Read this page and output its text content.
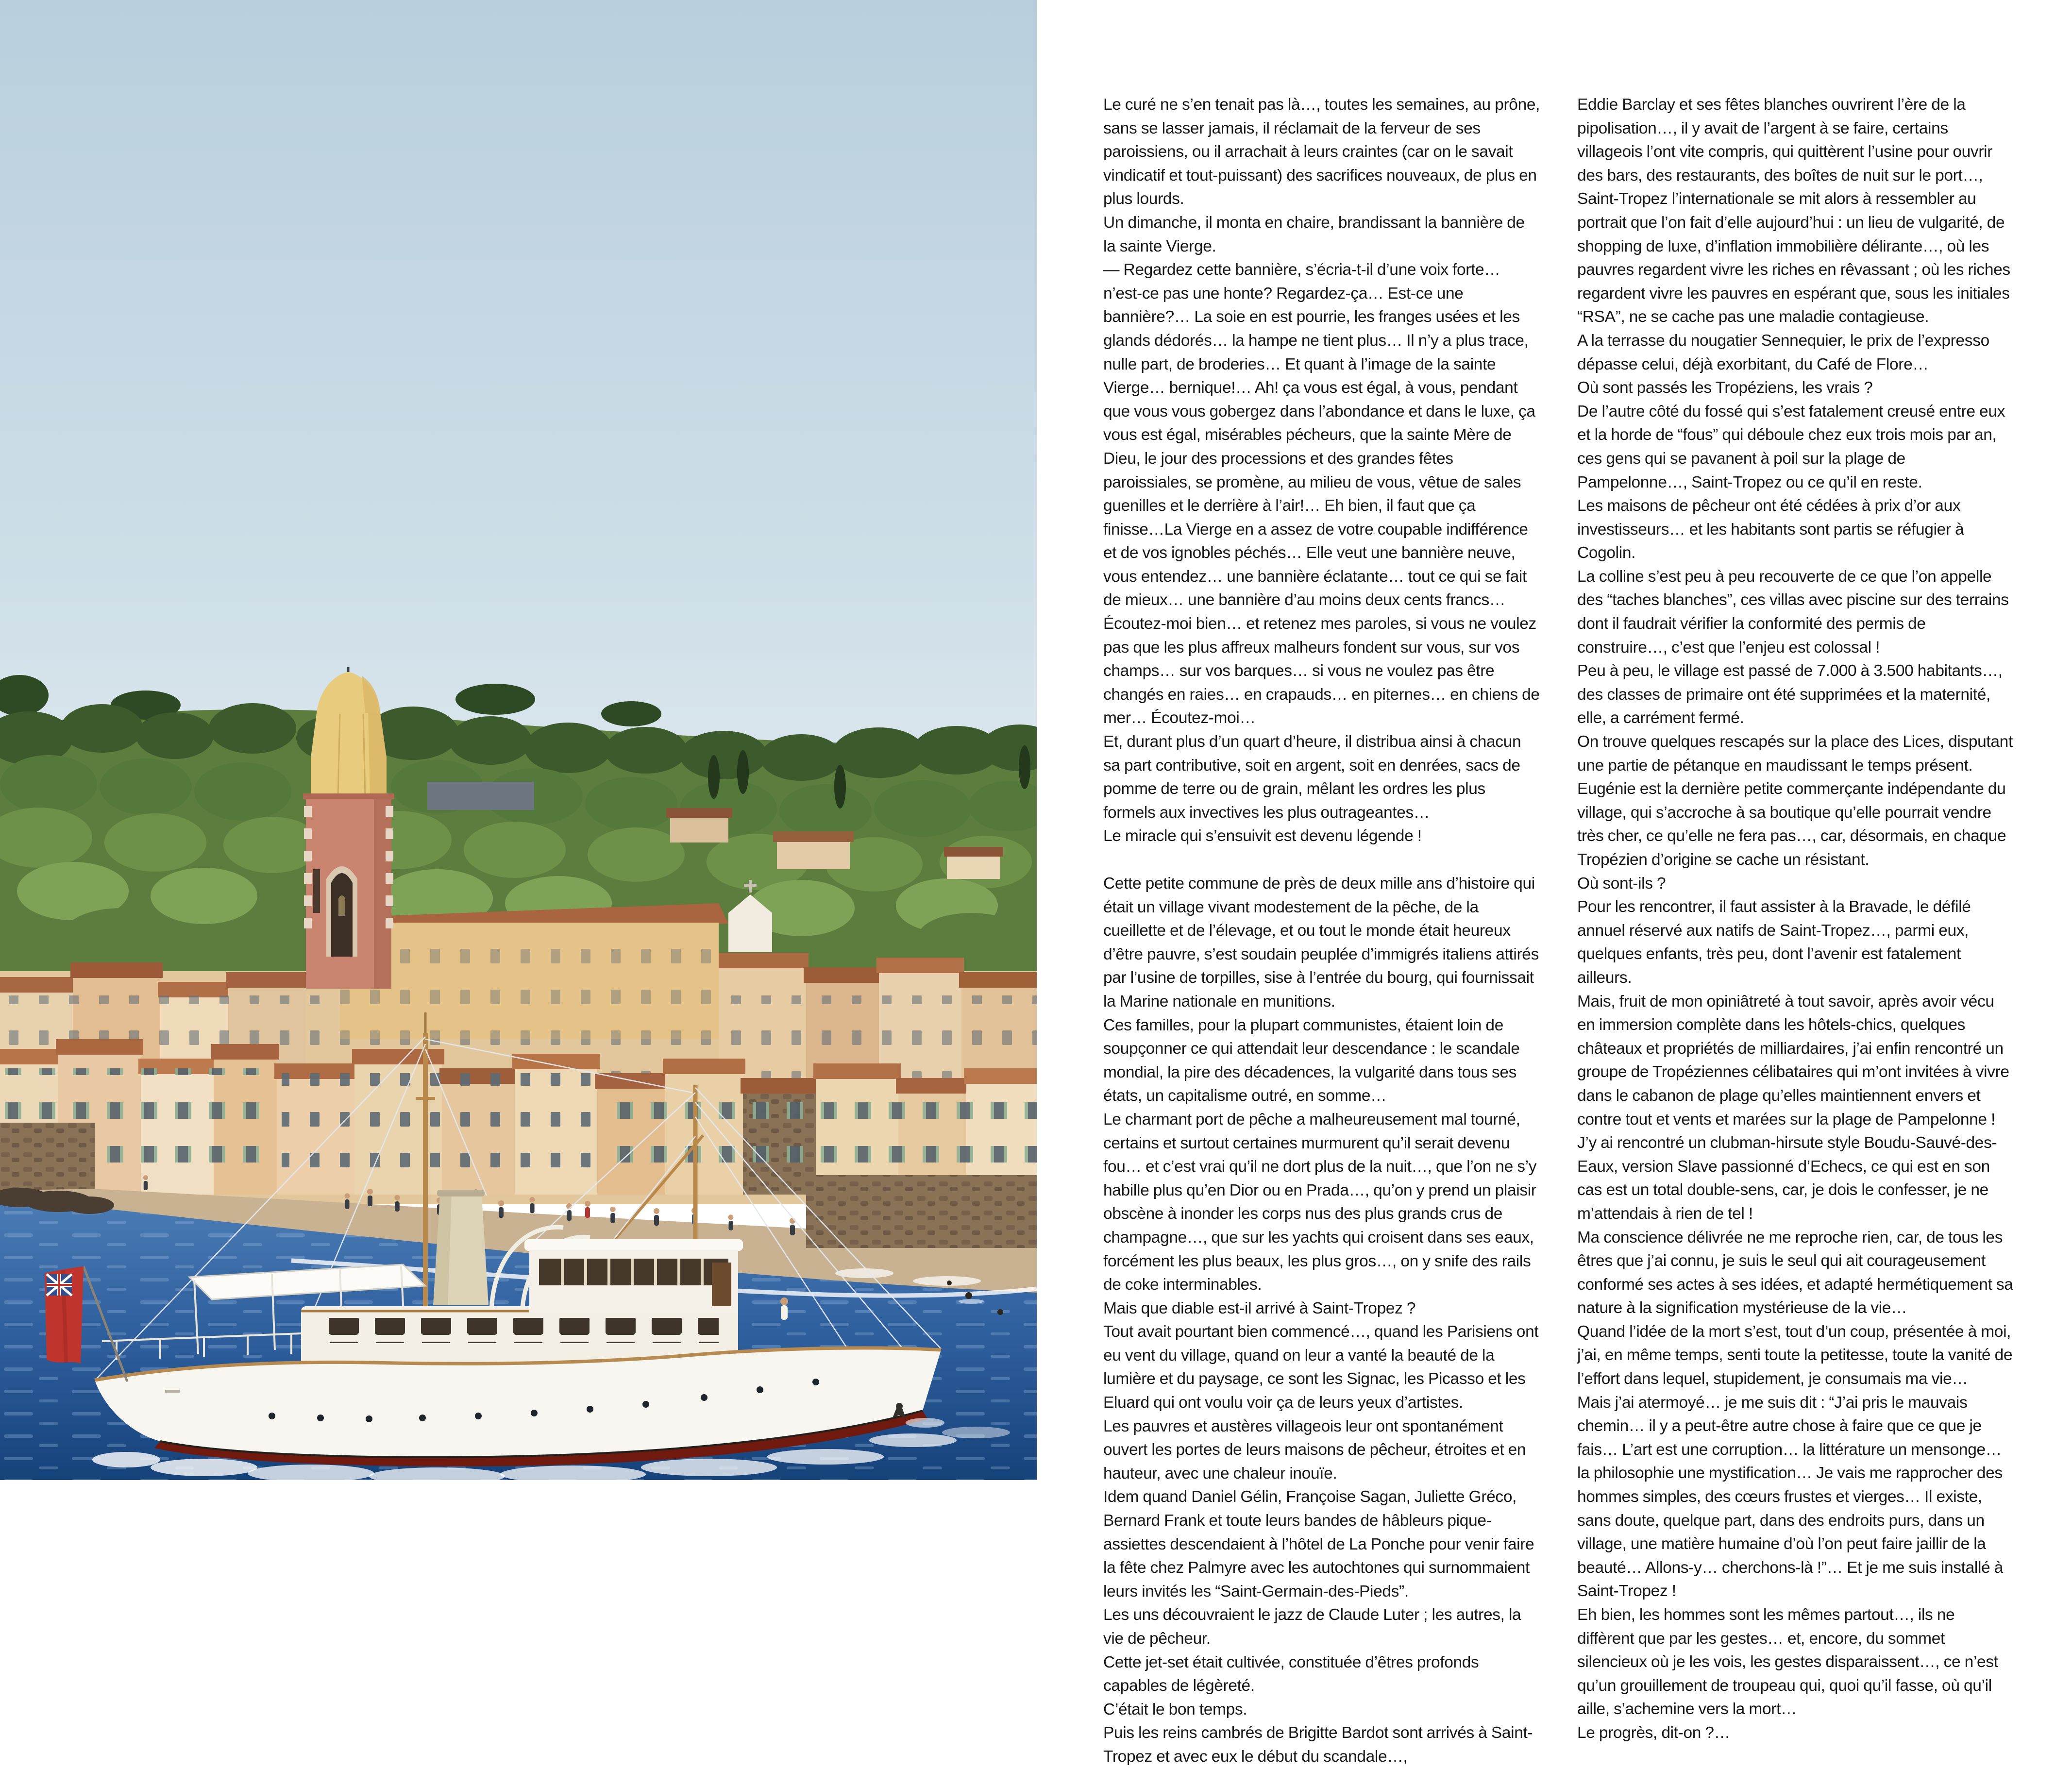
Le curé ne s’en tenait pas là…, toutes les semaines, au prône, sans se lasser jamais, il réclamait de la ferveur de ses paroissiens, ou il arrachait à leurs craintes (car on le savait vindicatif et tout-puissant) des sacrifices nouveaux, de plus en plus lourds.

Un dimanche, il monta en chaire, brandissant la bannière de la sainte Vierge.

— Regardez cette bannière, s’écria-t-il d’une voix forte… n’est-ce pas une honte? Regardez-ça… Est-ce une bannière?… La soie en est pourrie, les franges usées et les glands dédorés… la hampe ne tient plus… Il n’y a plus trace, nulle part, de broderies… Et quant à l’image de la sainte Vierge… bernique!… Ah! ça vous est égal, à vous, pendant que vous vous gobergez dans l’abondance et dans le luxe, ça vous est égal, misérables pécheurs, que la sainte Mère de Dieu, le jour des processions et des grandes fêtes paroissiales, se promène, au milieu de vous, vêtue de sales guenilles et le derrière à l’air!… Eh bien, il faut que ça finisse…La Vierge en a assez de votre coupable indifférence et de vos ignobles péchés… Elle veut une bannière neuve, vous entendez… une bannière éclatante… tout ce qui se fait de mieux… une bannière d’au moins deux cents francs… Écoutez-moi bien… et retenez mes paroles, si vous ne voulez pas que les plus affreux malheurs fondent sur vous, sur vos champs… sur vos barques… si vous ne voulez pas être changés en raies… en crapauds… en piternes… en chiens de mer… Écoutez-moi…

Et, durant plus d’un quart d’heure, il distribua ainsi à chacun sa part contributive, soit en argent, soit en denrées, sacs de pomme de terre ou de grain, mêlant les ordres les plus formels aux invectives les plus outrageantes…

Le miracle qui s’ensuivit est devenu légende !

Cette petite commune de près de deux mille ans d’histoire qui était un village vivant modestement de la pêche, de la cueillette et de l’élevage, et ou tout le monde était heureux d’être pauvre, s’est soudain peuplée d’immigrés italiens attirés par l’usine de torpilles, sise à l’entrée du bourg, qui fournissait la Marine nationale en munitions.

Ces familles, pour la plupart communistes, étaient loin de soupçonner ce qui attendait leur descendance : le scandale mondial, la pire des décadences, la vulgarité dans tous ses états, un capitalisme outré, en somme…

Le charmant port de pêche a malheureusement mal tourné, certains et surtout certaines murmurent qu’il serait devenu fou… et c’est vrai qu’il ne dort plus de la nuit…, que l’on ne s’y habille plus qu’en Dior ou en Prada…, qu’on y prend un plaisir obscène à inonder les corps nus des plus grands crus de champagne…, que sur les yachts qui croisent dans ses eaux, forcément les plus beaux, les plus gros…, on y snife des rails de coke interminables.

Mais que diable est-il arrivé à Saint-Tropez ?

Tout avait pourtant bien commencé…, quand les Parisiens ont eu vent du village, quand on leur a vanté la beauté de la lumière et du paysage, ce sont les Signac, les Picasso et les Eluard qui ont voulu voir ça de leurs yeux d’artistes.

Les pauvres et austères villageois leur ont spontanément ouvert les portes de leurs maisons de pêcheur, étroites et en hauteur, avec une chaleur inouïe.

Idem quand Daniel Gélin, Françoise Sagan, Juliette Gréco, Bernard Frank et toute leurs bandes de hâbleurs pique-assiettes descendaient à l’hôtel de La Ponche pour venir faire la fête chez Palmyre avec les autochtones qui surnommaient leurs invités les “Saint-Germain-des-Pieds”.

Les uns découvraient le jazz de Claude Luter ; les autres, la vie de pêcheur.

Cette jet-set était cultivée, constituée d’êtres profonds capables de légèreté.

C’était le bon temps.

Puis les reins cambrés de Brigitte Bardot sont arrivés à Saint-Tropez et avec eux le début du scandale…,

Eddie Barclay et ses fêtes blanches ouvrirent l’ère de la pipolisation…, il y avait de l’argent à se faire, certains villageois l’ont vite compris, qui quittèrent l’usine pour ouvrir des bars, des restaurants, des boîtes de nuit sur le port…, Saint-Tropez l’internationale se mit alors à ressembler au portrait que l’on fait d’elle aujourd’hui : un lieu de vulgarité, de shopping de luxe, d’inflation immobilière délirante…, où les pauvres regardent vivre les riches en rêvassant ; où les riches regardent vivre les pauvres en espérant que, sous les initiales “RSA”, ne se cache pas une maladie contagieuse.

A la terrasse du nougatier Sennequier, le prix de l’expresso dépasse celui, déjà exorbitant, du Café de Flore…

Où sont passés les Tropéziens, les vrais ?

De l’autre côté du fossé qui s’est fatalement creusé entre eux et la horde de “fous” qui déboule chez eux trois mois par an, ces gens qui se pavanent à poil sur la plage de Pampelonne…, Saint-Tropez ou ce qu’il en reste.

Les maisons de pêcheur ont été cédées à prix d’or aux investisseurs… et les habitants sont partis se réfugier à Cogolin.

La colline s’est peu à peu recouverte de ce que l’on appelle des “taches blanches”, ces villas avec piscine sur des terrains dont il faudrait vérifier la conformité des permis de construire…, c’est que l’enjeu est colossal !

Peu à peu, le village est passé de 7.000 à 3.500 habitants…, des classes de primaire ont été supprimées et la maternité, elle, a carrément fermé.

On trouve quelques rescapés sur la place des Lices, disputant une partie de pétanque en maudissant le temps présent.

Eugénie est la dernière petite commerçante indépendante du village, qui s’accroche à sa boutique qu’elle pourrait vendre très cher, ce qu’elle ne fera pas…, car, désormais, en chaque Tropézien d’origine se cache un résistant.

Où sont-ils ?

Pour les rencontrer, il faut assister à la Bravade, le défilé annuel réservé aux natifs de Saint-Tropez…, parmi eux, quelques enfants, très peu, dont l’avenir est fatalement ailleurs.

Mais, fruit de mon opiniâtreté à tout savoir, après avoir vécu en immersion complète dans les hôtels-chics, quelques châteaux et propriétés de milliardaires, j’ai enfin rencontré un groupe de Tropéziennes célibataires qui m’ont invitées à vivre dans le cabanon de plage qu’elles maintiennent envers et contre tout et vents et marées sur la plage de Pampelonne !

J’y ai rencontré un clubman-hirsute style Boudu-Sauvé-des-Eaux, version Slave passionné d’Echecs, ce qui est en son cas est un total double-sens, car, je dois le confesser, je ne m’attendais à rien de tel !

Ma conscience délivrée ne me reproche rien, car, de tous les êtres que j’ai connu, je suis le seul qui ait courageusement conformé ses actes à ses idées, et adapté hermétiquement sa nature à la signification mystérieuse de la vie…

Quand l’idée de la mort s’est, tout d’un coup, présentée à moi, j’ai, en même temps, senti toute la petitesse, toute la vanité de l’effort dans lequel, stupidement, je consumais ma vie…

Mais j’ai atermoyé… je me suis dit : “J’ai pris le mauvais chemin… il y a peut-être autre chose à faire que ce que je fais… L’art est une corruption… la littérature un mensonge… la philosophie une mystification… Je vais me rapprocher des hommes simples, des cœurs frustes et vierges… Il existe, sans doute, quelque part, dans des endroits purs, dans un village, une matière humaine d’où l’on peut faire jaillir de la beauté… Allons-y… cherchons-là !”… Et je me suis installé à Saint-Tropez !

Eh bien, les hommes sont les mêmes partout…, ils ne diffèrent que par les gestes… et, encore, du sommet silencieux où je les vois, les gestes disparaissent…, ce n’est qu’un grouillement de troupeau qui, quoi qu’il fasse, où qu’il aille, s’achemine vers la mort…

Le progrès, dit-on ?…
